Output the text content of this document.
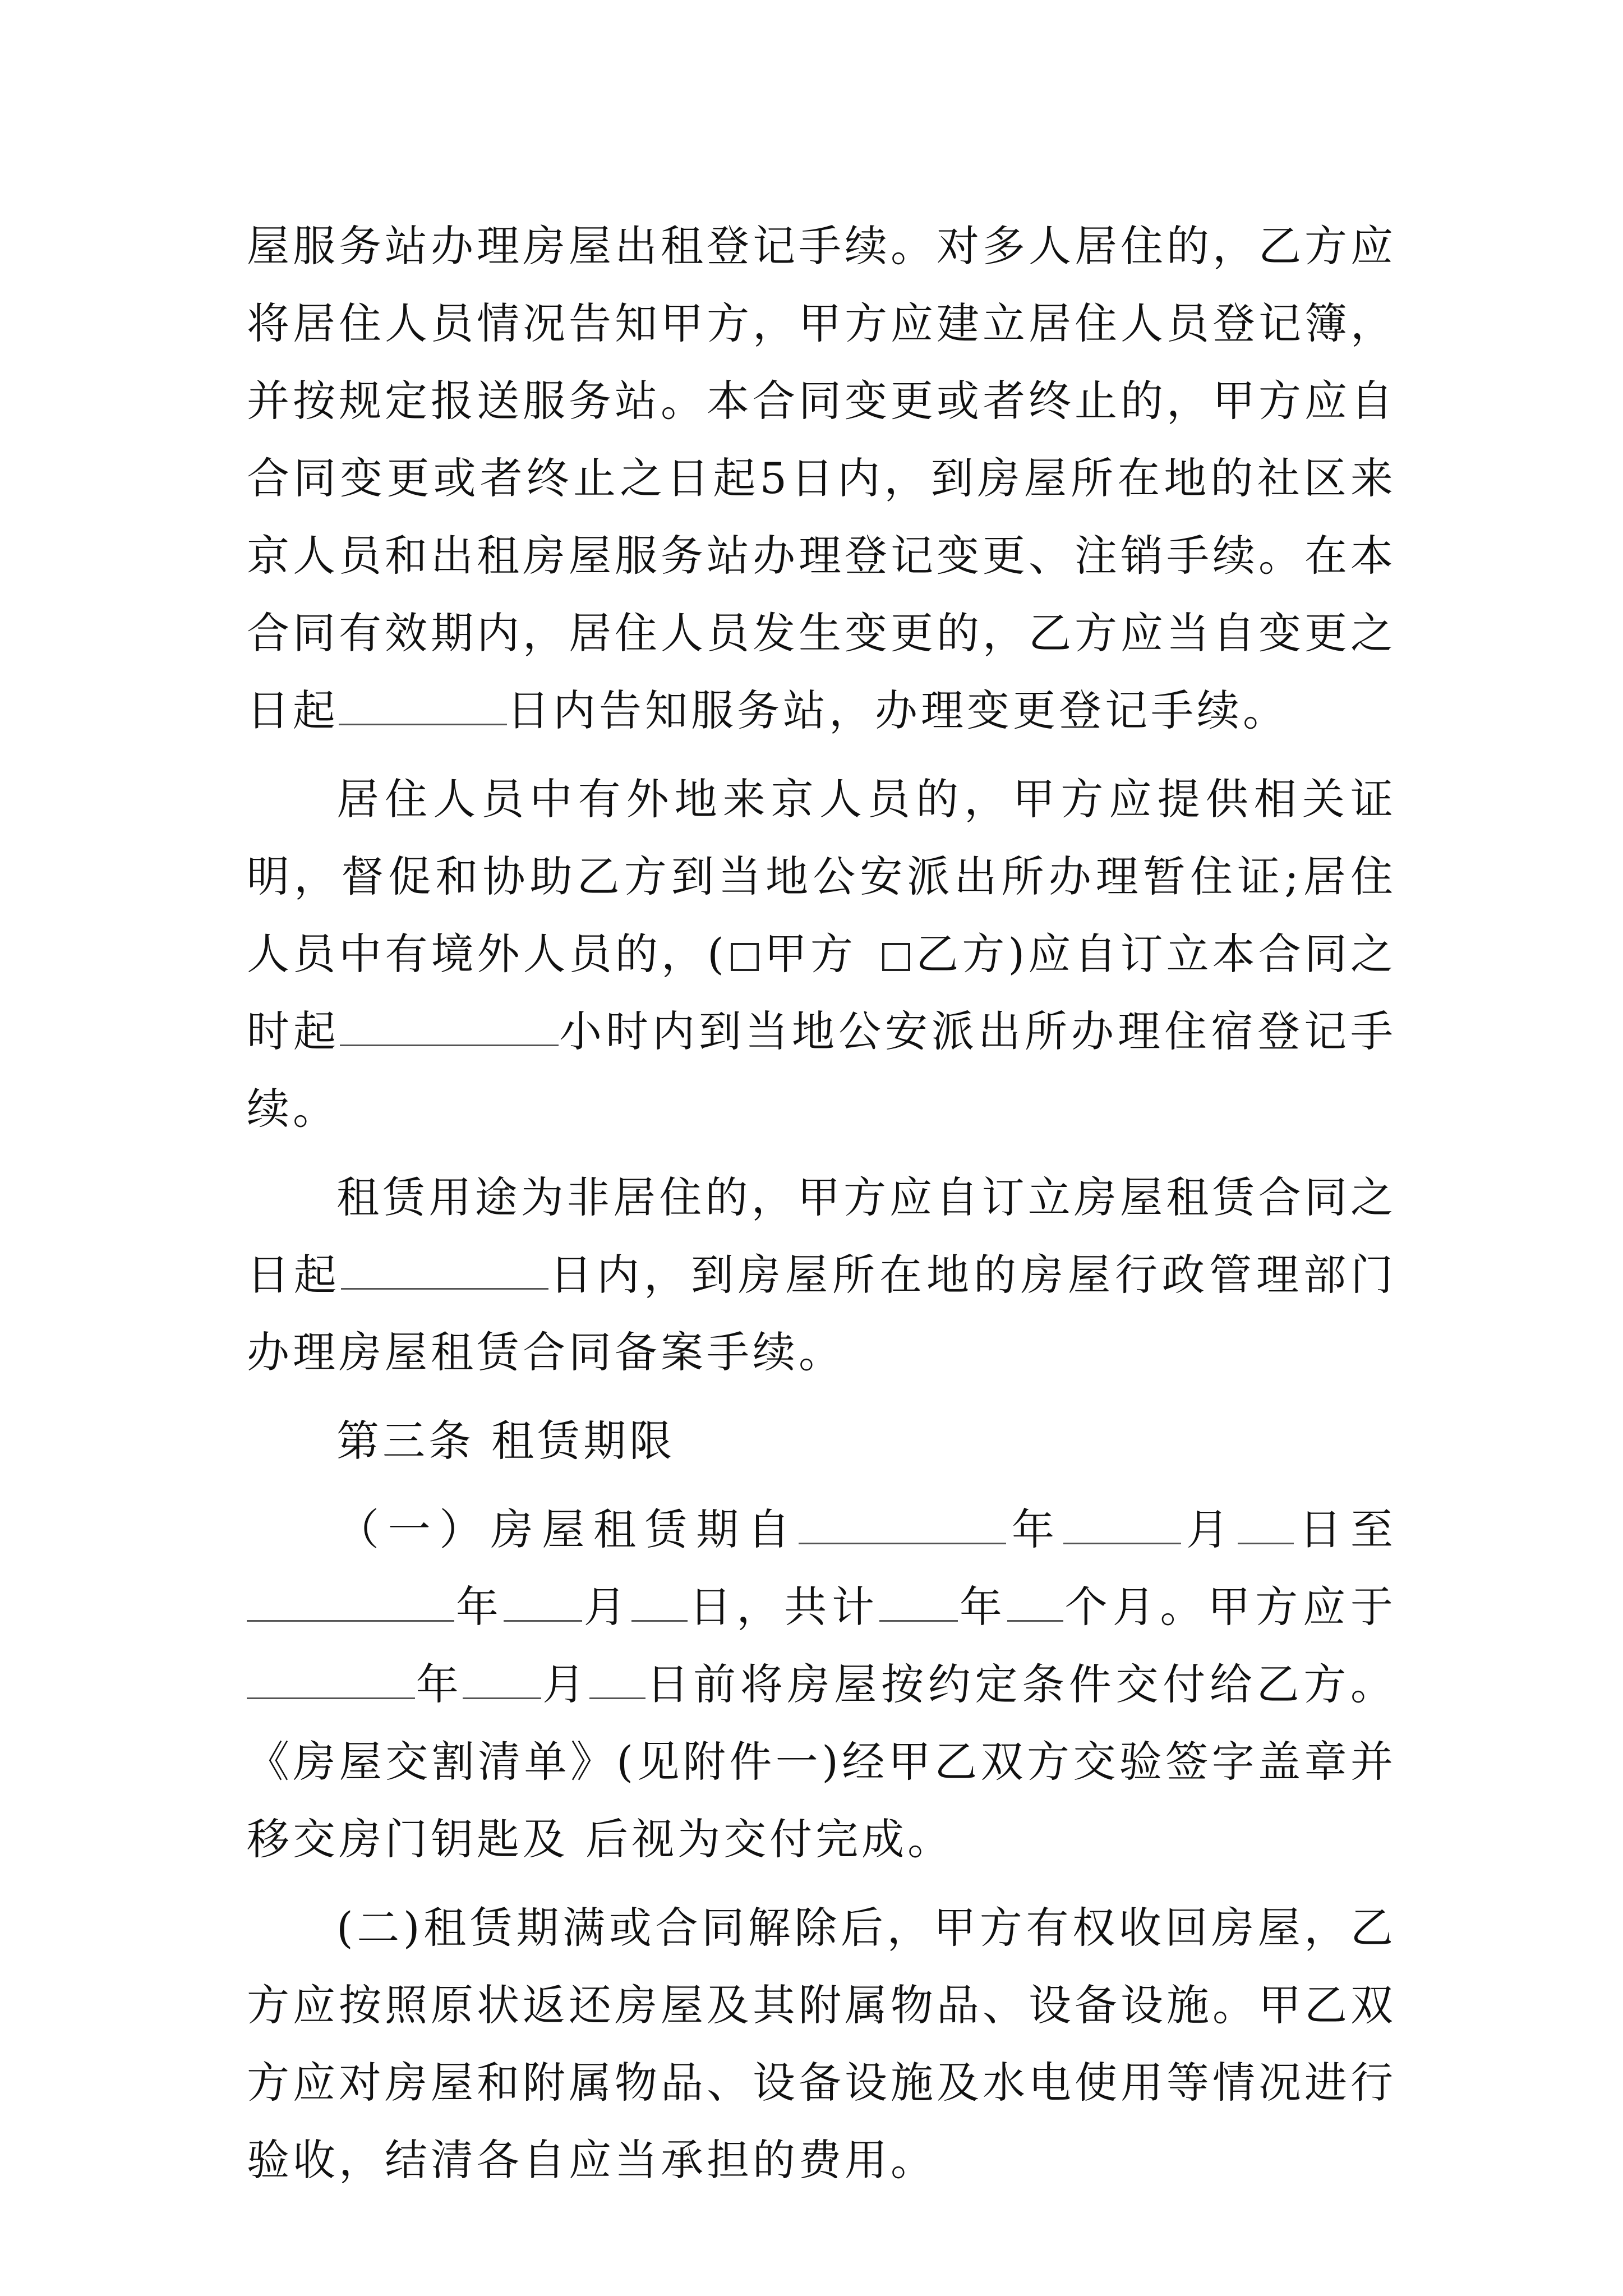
屋服务站办理房屋出租登记手续。对多人居住的，乙方应将居住人员情况告知甲方，甲方应建立居住人员登记簿，并按规定报送服务站。本合同变更或者终止的，甲方应自合同变更或者终止之日起5日内，到房屋所在地的社区来京人员和出租房屋服务站办理登记变更、注销手续。在本合同有效期内，居住人员发生变更的，乙方应当自变更之日起	日内告知服务站，办理变更登记手续。

居住人员中有外地来京人员的，甲方应提供相关证明，督促和协助乙方到当地公安派出所办理暂住证;居住人员中有境外人员的，( 甲方 乙方)应自订立本合同之时起	小时内到当地公安派出所办理住宿登记手续。

租赁用途为非居住的，甲方应自订立房屋租赁合同之日起	日内，到房屋所在地的房屋行政管理部门办理房屋租赁合同备案手续。

第三条 租赁期限

（一）房屋租赁期自	年	月 日至年 月 日，共计 年 个月。甲方应于年 月 日前将房屋按约定条件交付给乙方。《房屋交割清单》(见附件一)经甲乙双方交验签字盖章并移交房门钥匙及 后视为交付完成。

(二)租赁期满或合同解除后，甲方有权收回房屋，乙方应按照原状返还房屋及其附属物品、设备设施。甲乙双方应对房屋和附属物品、设备设施及水电使用等情况进行验收，结清各自应当承担的费用。
